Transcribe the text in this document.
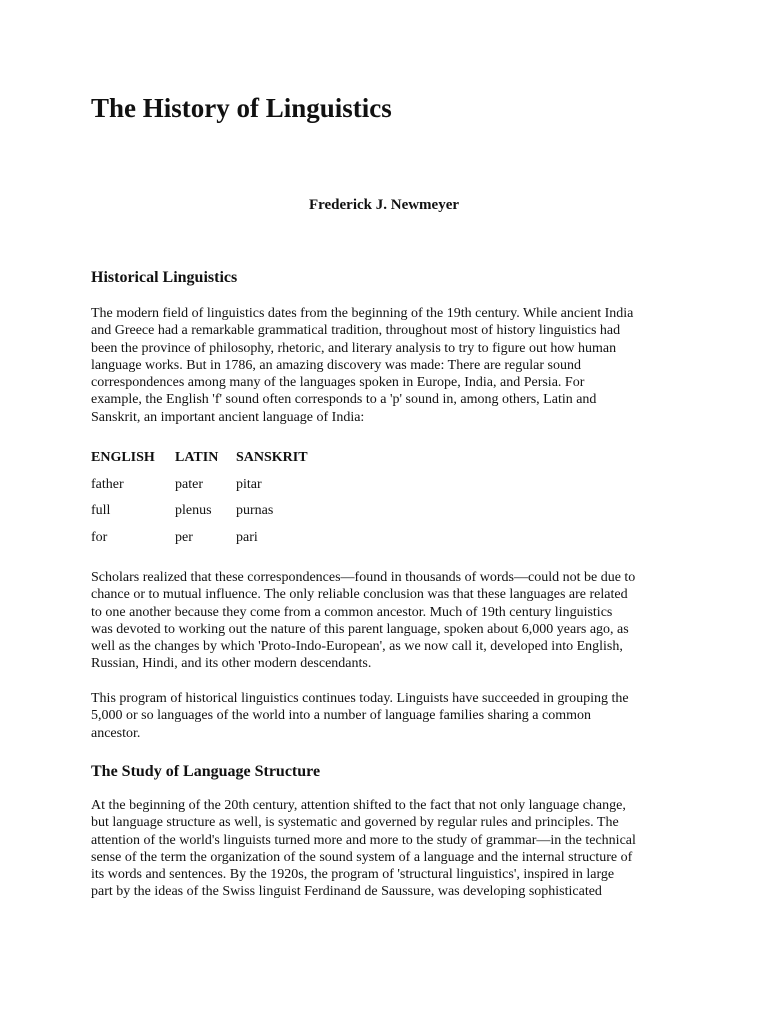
The History of Linguistics

Frederick J. Newmeyer

Historical Linguistics

The modern field of linguistics dates from the beginning of the 19th century. While ancient India
and Greece had a remarkable grammatical tradition, throughout most of history linguistics had
been the province of philosophy, rhetoric, and literary analysis to try to figure out how human
language works. But in 1786, an amazing discovery was made: There are regular sound
correspondences among many of the languages spoken in Europe, India, and Persia. For
example, the English 'f' sound often corresponds to a 'p' sound in, among others, Latin and
Sanskrit, an important ancient language of India:

ENGLISH	LATIN	SANSKRIT
father	pater	pitar
full	plenus	purnas
for	per	pari

Scholars realized that these correspondences—found in thousands of words—could not be due to
chance or to mutual influence. The only reliable conclusion was that these languages are related
to one another because they come from a common ancestor. Much of 19th century linguistics
was devoted to working out the nature of this parent language, spoken about 6,000 years ago, as
well as the changes by which 'Proto-Indo-European', as we now call it, developed into English,
Russian, Hindi, and its other modern descendants.

This program of historical linguistics continues today. Linguists have succeeded in grouping the
5,000 or so languages of the world into a number of language families sharing a common
ancestor.

The Study of Language Structure

At the beginning of the 20th century, attention shifted to the fact that not only language change,
but language structure as well, is systematic and governed by regular rules and principles. The
attention of the world's linguists turned more and more to the study of grammar—in the technical
sense of the term the organization of the sound system of a language and the internal structure of
its words and sentences. By the 1920s, the program of 'structural linguistics', inspired in large
part by the ideas of the Swiss linguist Ferdinand de Saussure, was developing sophisticated
